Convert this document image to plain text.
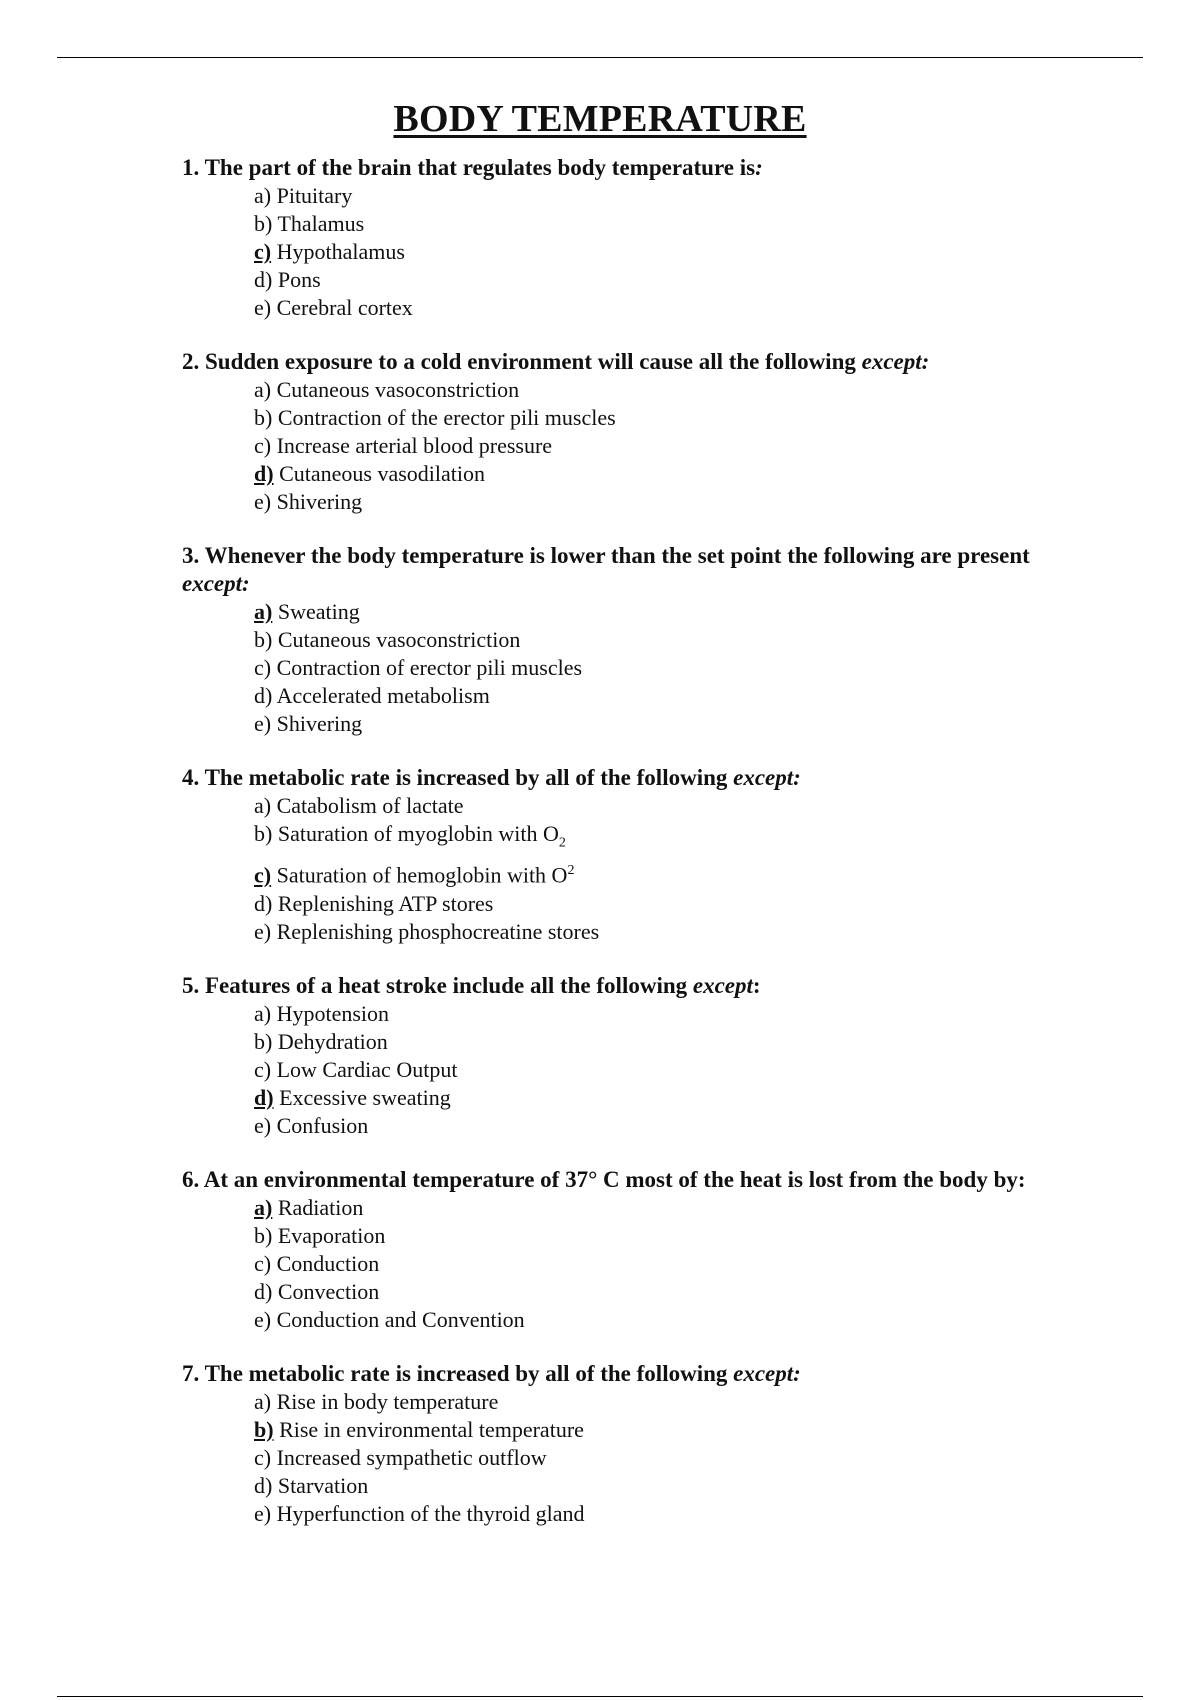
BODY TEMPERATURE

1. The part of the brain that regulates body temperature is:

a) Pituitary
b) Thalamus
c) Hypothalamus
d) Pons
e) Cerebral cortex

2. Sudden exposure to a cold environment will cause all the following except:

a) Cutaneous vasoconstriction
b) Contraction of the erector pili muscles
c) Increase arterial blood pressure
d) Cutaneous vasodilation
e) Shivering

3. Whenever the body temperature is lower than the set point the following are present except:

a) Sweating
b) Cutaneous vasoconstriction
c) Contraction of erector pili muscles
d) Accelerated metabolism
e) Shivering

4. The metabolic rate is increased by all of the following except:

a) Catabolism of lactate
b) Saturation of myoglobin with $O_2$
c) Saturation of hemoglobin with $O^2$
d) Replenishing ATP stores
e) Replenishing phosphocreatine stores

5. Features of a heat stroke include all the following except:

a) Hypotension
b) Dehydration
c) Low Cardiac Output
d) Excessive sweating
e) Confusion

6. At an environmental temperature of 37° C most of the heat is lost from the body by:

a) Radiation
b) Evaporation
c) Conduction
d) Convection
e) Conduction and Convention

7. The metabolic rate is increased by all of the following except:

a) Rise in body temperature
b) Rise in environmental temperature
c) Increased sympathetic outflow
d) Starvation
e) Hyperfunction of the thyroid gland
